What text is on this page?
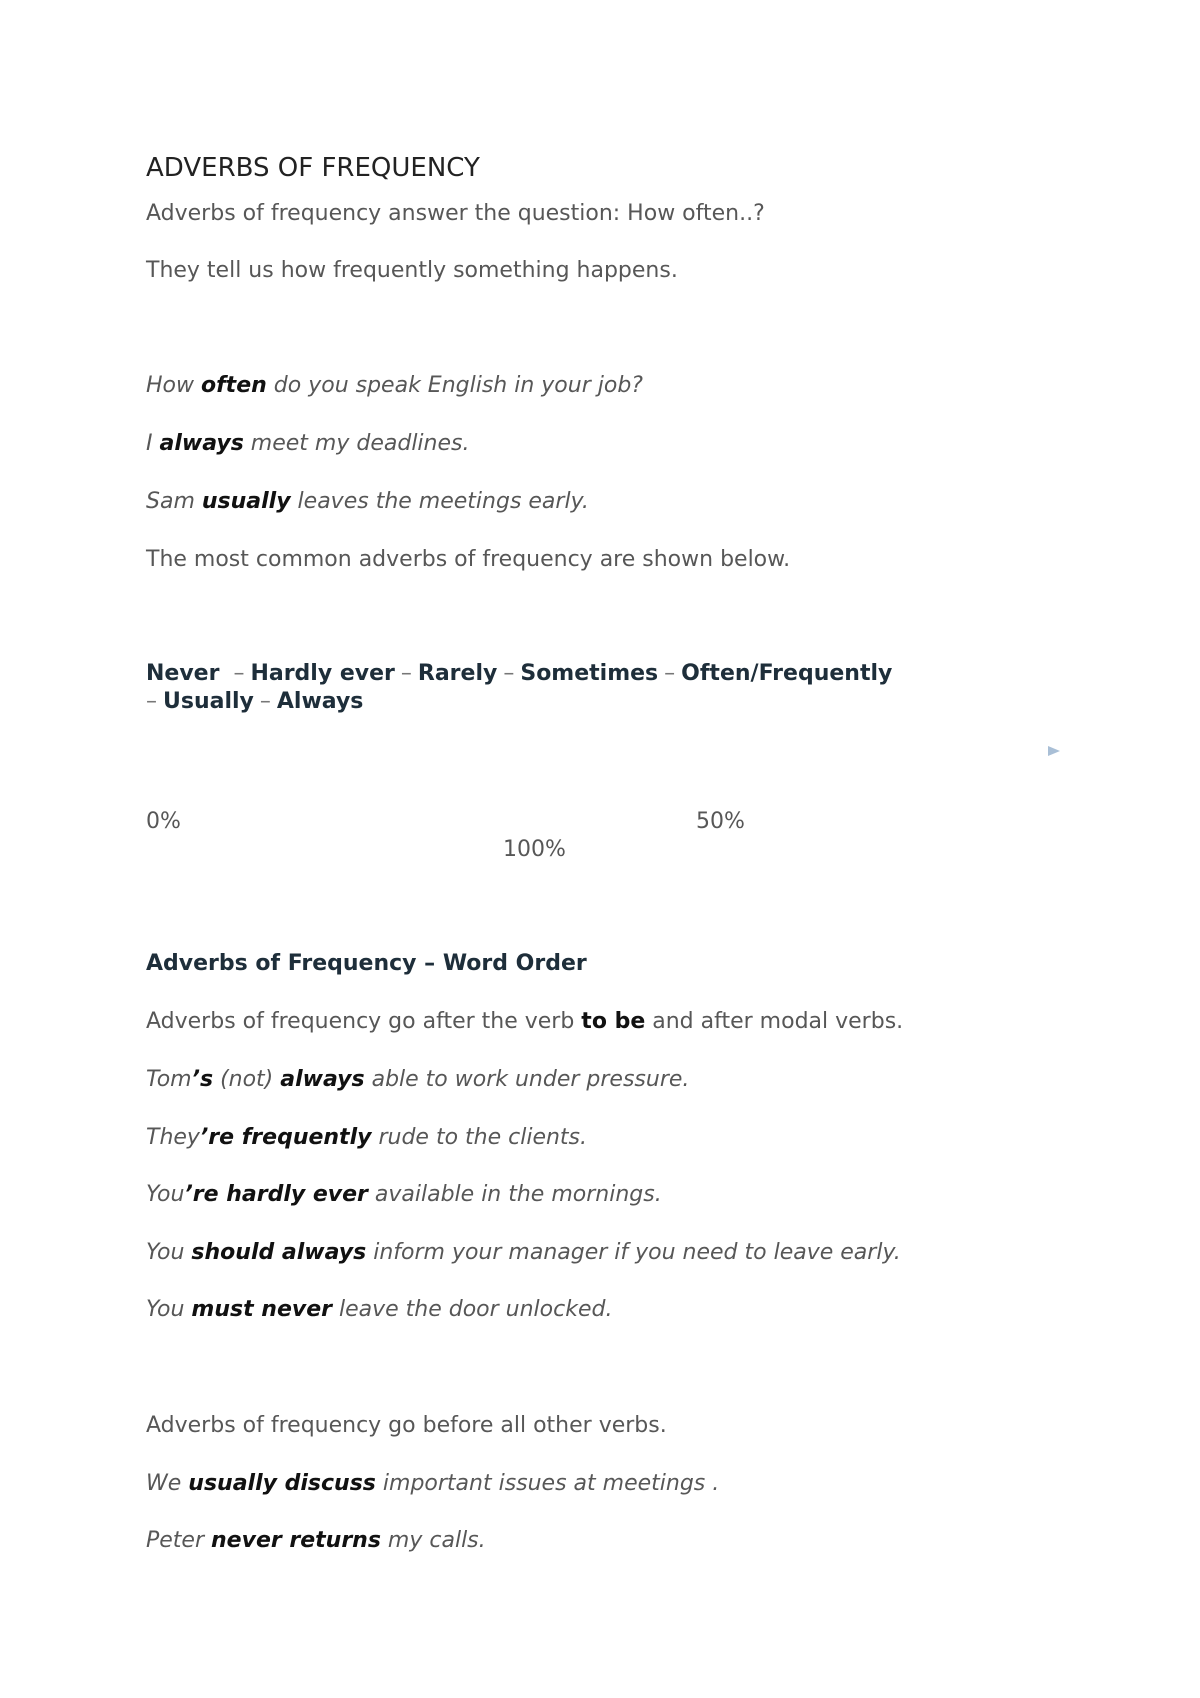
ADVERBS OF FREQUENCY

Adverbs of frequency answer the question: How often..?

They tell us how frequently something happens.

How often do you speak English in your job?

I always meet my deadlines.

Sam usually leaves the meetings early.

The most common adverbs of frequency are shown below.

Never – Hardly ever – Rarely – Sometimes – Often/Frequently
– Usually – Always
0%	50%
100%

Adverbs of Frequency – Word Order

Adverbs of frequency go after the verb to be and after modal verbs.

Tom’s (not) always able to work under pressure.

They’re frequently rude to the clients.

You’re hardly ever available in the mornings.

You should always inform your manager if you need to leave early.

You must never leave the door unlocked.

Adverbs of frequency go before all other verbs.

We usually discuss important issues at meetings .

Peter never returns my calls.
